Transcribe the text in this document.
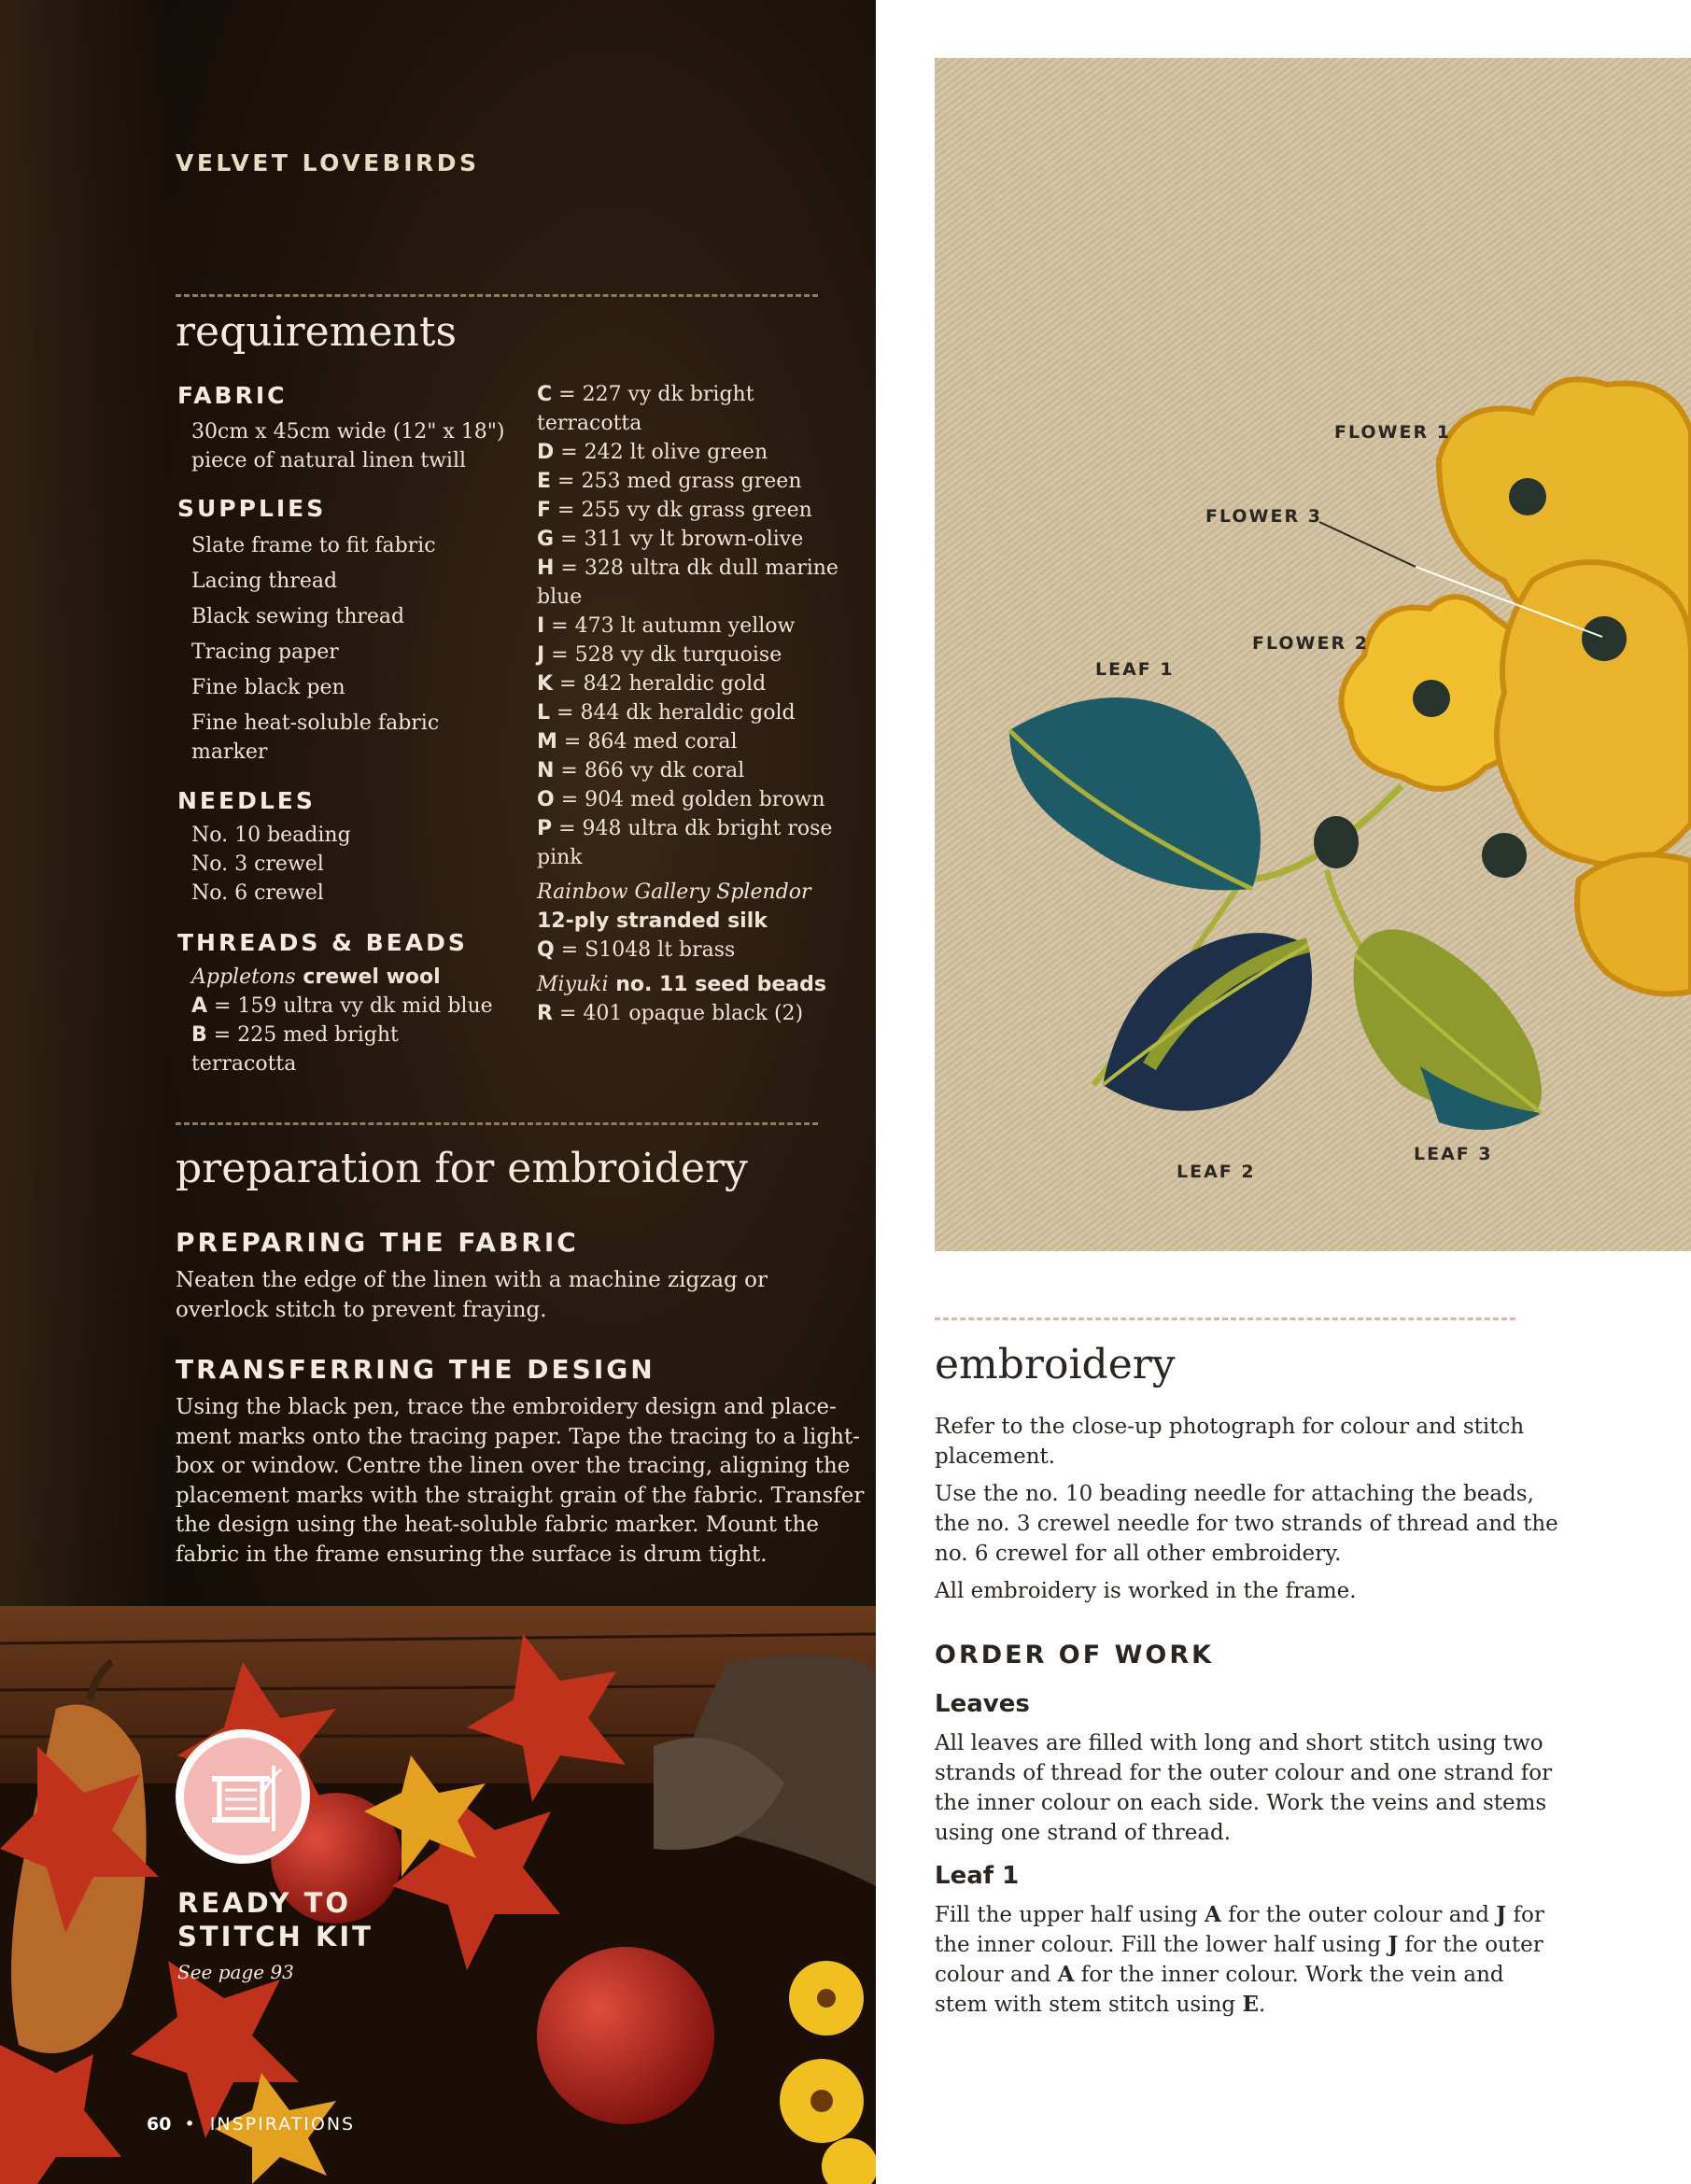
VELVET LOVEBIRDS
requirements
FABRIC
30cm x 45cm wide (12" x 18")
piece of natural linen twill
SUPPLIES
Slate frame to fit fabric
Lacing thread
Black sewing thread
Tracing paper
Fine black pen
Fine heat-soluble fabric
marker
NEEDLES
No. 10 beading
No. 3 crewel
No. 6 crewel
THREADS & BEADS
Appletons crewel wool
A = 159 ultra vy dk mid blue
B = 225 med bright
terracotta
C = 227 vy dk bright
terracotta
D = 242 lt olive green
E = 253 med grass green
F = 255 vy dk grass green
G = 311 vy lt brown-olive
H = 328 ultra dk dull marine
blue
I = 473 lt autumn yellow
J = 528 vy dk turquoise
K = 842 heraldic gold
L = 844 dk heraldic gold
M = 864 med coral
N = 866 vy dk coral
O = 904 med golden brown
P = 948 ultra dk bright rose
pink
Rainbow Gallery Splendor
12-ply stranded silk
Q = S1048 lt brass
Miyuki no. 11 seed beads
R = 401 opaque black (2)
preparation for embroidery
PREPARING THE FABRIC
Neaten the edge of the linen with a machine zigzag or
overlock stitch to prevent fraying.
TRANSFERRING THE DESIGN
Using the black pen, trace the embroidery design and place-
ment marks onto the tracing paper. Tape the tracing to a light-
box or window. Centre the linen over the tracing, aligning the
placement marks with the straight grain of the fabric. Transfer
the design using the heat-soluble fabric marker. Mount the
fabric in the frame ensuring the surface is drum tight.
READY TO
STITCH KIT
See page 93
60 • INSPIRATIONS
FLOWER 1
FLOWER 3
FLOWER 2
LEAF 1
LEAF 2
LEAF 3
embroidery

Refer to the close-up photograph for colour and stitch
placement.

Use the no. 10 beading needle for attaching the beads,
the no. 3 crewel needle for two strands of thread and the
no. 6 crewel for all other embroidery.

All embroidery is worked in the frame.

ORDER OF WORK
Leaves
All leaves are filled with long and short stitch using two
strands of thread for the outer colour and one strand for
the inner colour on each side. Work the veins and stems
using one strand of thread.
Leaf 1
Fill the upper half using A for the outer colour and J for
the inner colour. Fill the lower half using J for the outer
colour and A for the inner colour. Work the vein and
stem with stem stitch using E.
